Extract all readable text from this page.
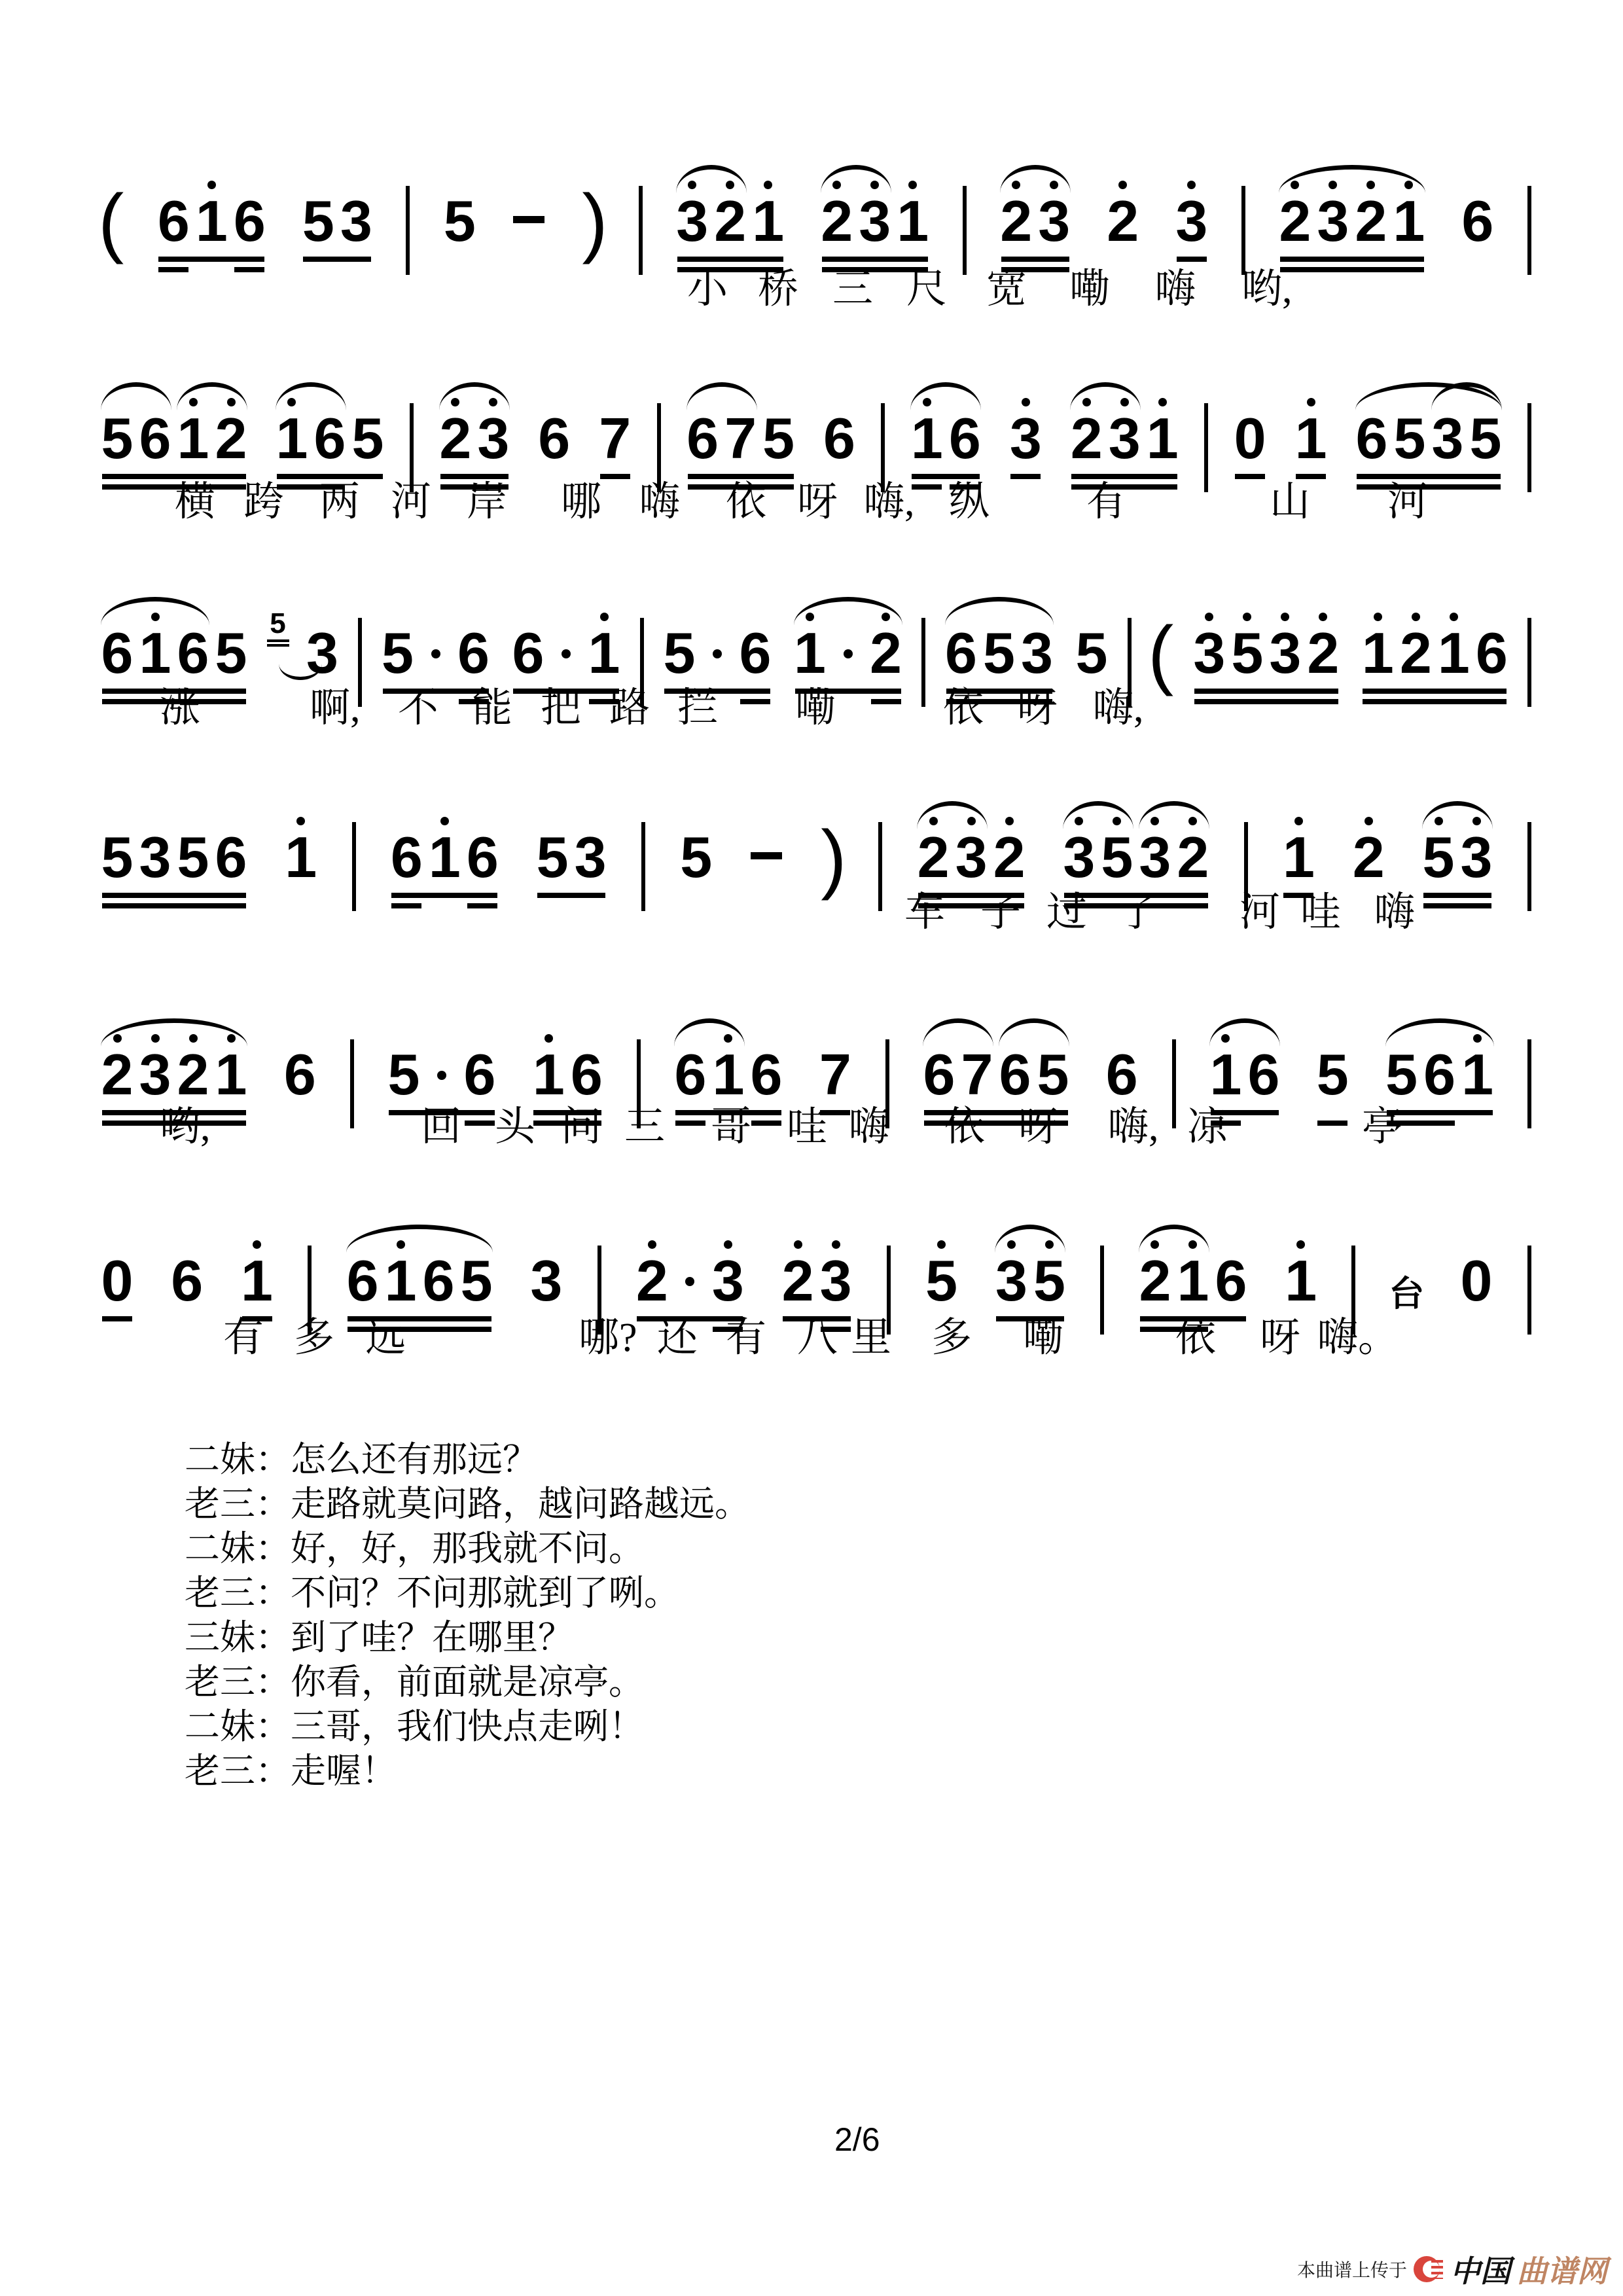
( 6 1 6 5 3 5 ) 3 2 1 2 3 1 2 3 2 3 2 3 2 1 6
小 桥 三 尺 宽 嘞 嗨 哟,
5 6 1 2 1 6 5 2 3 6 7 6 7 5 6 1 6 3 2 3 1 0 1 6 5 3 5
横 跨 两 河 岸 哪 嗨 依 呀 嗨, 纵 有	山 河
6 1 6 5 5 3 5 6 6 1 5 6 1 2 6 5 3 5 ( 3 5 3 2 1 2 1 6
涨	啊, 不 能 把 路 拦 嘞	依 呀 嗨,
5 3 5 6 1 6 1 6 5 3 5 ) 2 3 2 3 5 3 2 1 2 5 3
车 子 过 了 河 哇 嗨
2 3 2 1 6 5 6 1 6 6 1 6 7 6 7 6 5 6 1 6 5 5 6 1
哟,	回 头 问 三 哥 哇 嗨 依 呀 嗨, 凉	亭
0 6 1 6 1 6 5 3 2 3 2 3 5 3 5 2 1 6 1 台 0
有 多 远	哪? 还 有 八 里 多 嘞	依 呀 嗨。
二妹：怎么还有那远？
老三：走路就莫问路，越问路越远。
二妹：好，好，那我就不问。
老三：不问？不问那就到了咧。
三妹：到了哇？在哪里？
老三：你看，前面就是凉亭。
二妹：三哥，我们快点走咧！
老三：走喔！
2/6
本曲谱上传于 中国 曲谱网
